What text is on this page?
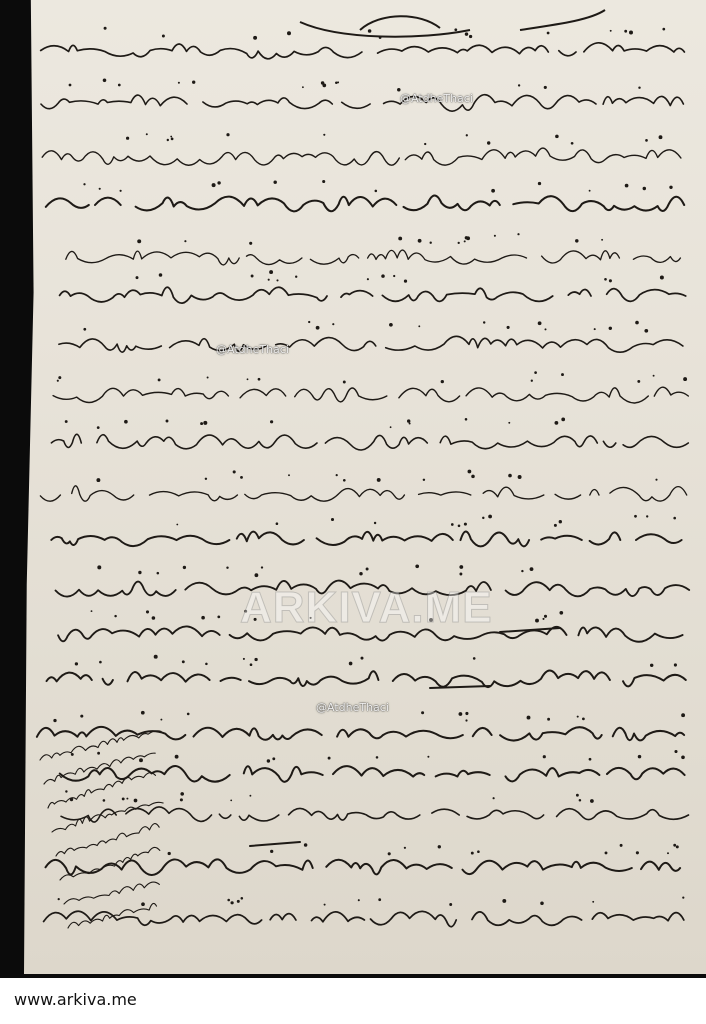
@AtdheThaci
@AtdheThaci
@AtdheThaci
ARKIVA.ME
www.arkiva.me
